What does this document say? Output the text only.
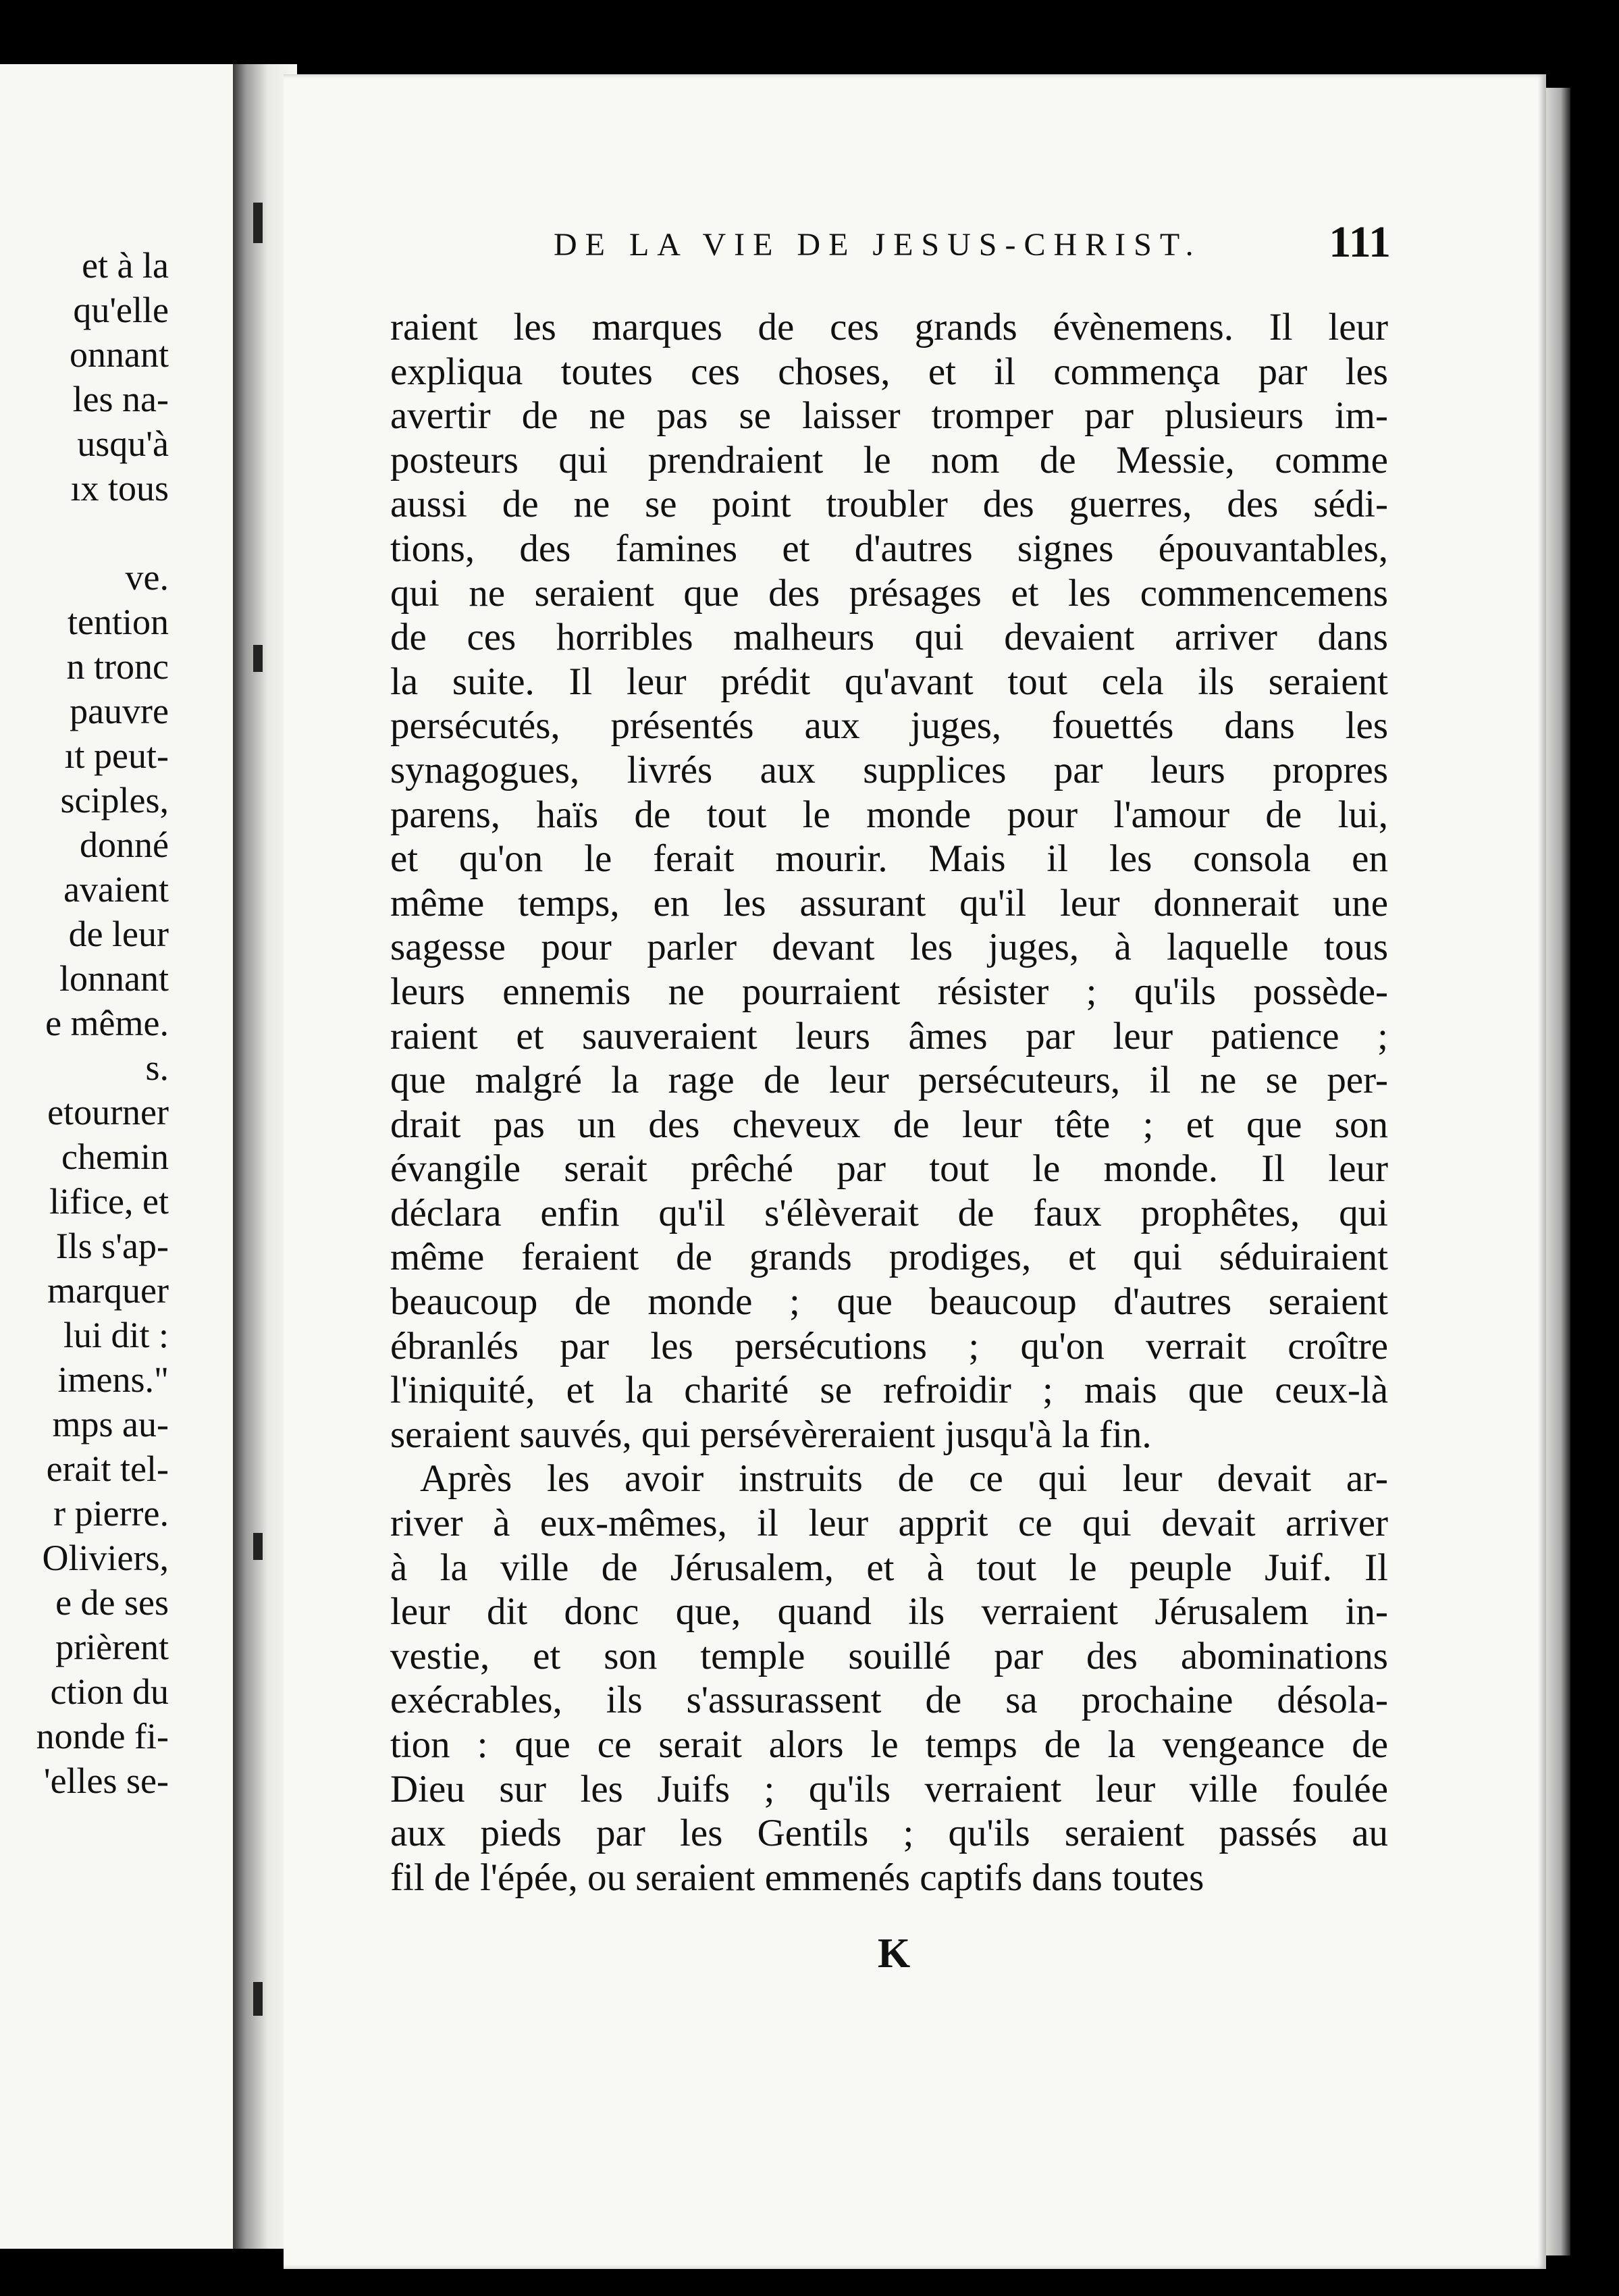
et à la
qu'elle
onnant
les na-
usqu'à
ıx tous

ve.
tention
n tronc
pauvre
ıt peut-
sciples,
donné
avaient
de leur
lonnant
e même.
s.
etourner
chemin
lifice, et
Ils s'ap-
marquer
lui dit :
imens."
mps au-
erait tel-
r pierre.
Oliviers,
e de ses
prièrent
ction du
nonde fi-
'elles se-
DE LA VIE DE JESUS-CHRIST.	111
raient les marques de ces grands évènemens. Il leur
expliqua toutes ces choses, et il commença par les
avertir de ne pas se laisser tromper par plusieurs im-
posteurs qui prendraient le nom de Messie, comme
aussi de ne se point troubler des guerres, des sédi-
tions, des famines et d'autres signes épouvantables,
qui ne seraient que des présages et les commencemens
de ces horribles malheurs qui devaient arriver dans
la suite. Il leur prédit qu'avant tout cela ils seraient
persécutés, présentés aux juges, fouettés dans les
synagogues, livrés aux supplices par leurs propres
parens, haïs de tout le monde pour l'amour de lui,
et qu'on le ferait mourir. Mais il les consola en
même temps, en les assurant qu'il leur donnerait une
sagesse pour parler devant les juges, à laquelle tous
leurs ennemis ne pourraient résister ; qu'ils possède-
raient et sauveraient leurs âmes par leur patience ;
que malgré la rage de leur persécuteurs, il ne se per-
drait pas un des cheveux de leur tête ; et que son
évangile serait prêché par tout le monde. Il leur
déclara enfin qu'il s'élèverait de faux prophêtes, qui
même feraient de grands prodiges, et qui séduiraient
beaucoup de monde ; que beaucoup d'autres seraient
ébranlés par les persécutions ; qu'on verrait croître
l'iniquité, et la charité se refroidir ; mais que ceux-là
seraient sauvés, qui persévèreraient jusqu'à la fin.
Après les avoir instruits de ce qui leur devait ar-
river à eux-mêmes, il leur apprit ce qui devait arriver
à la ville de Jérusalem, et à tout le peuple Juif. Il
leur dit donc que, quand ils verraient Jérusalem in-
vestie, et son temple souillé par des abominations
exécrables, ils s'assurassent de sa prochaine désola-
tion : que ce serait alors le temps de la vengeance de
Dieu sur les Juifs ; qu'ils verraient leur ville foulée
aux pieds par les Gentils ; qu'ils seraient passés au
fil de l'épée, ou seraient emmenés captifs dans toutes
K
